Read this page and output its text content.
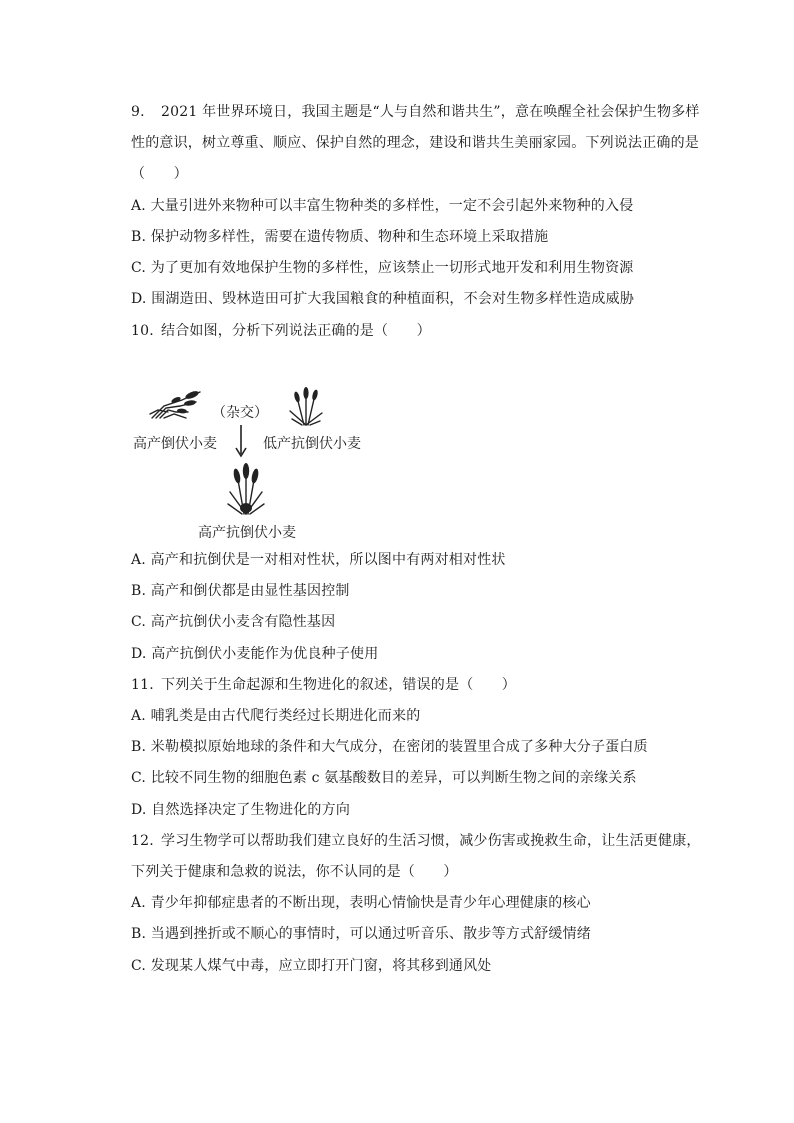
9. 2021 年世界环境日，我国主题是“人与自然和谐共生”，意在唤醒全社会保护生物多样
性的意识，树立尊重、顺应、保护自然的理念，建设和谐共生美丽家园。下列说法正确的是
（　　）
A. 大量引进外来物种可以丰富生物种类的多样性，一定不会引起外来物种的入侵
B. 保护动物多样性，需要在遗传物质、物种和生态环境上采取措施
C. 为了更加有效地保护生物的多样性，应该禁止一切形式地开发和利用生物资源
D. 围湖造田、毁林造田可扩大我国粮食的种植面积，不会对生物多样性造成威胁
10. 结合如图，分析下列说法正确的是（　　）
（杂交）
高产倒伏小麦	低产抗倒伏小麦
高产抗倒伏小麦
A. 高产和抗倒伏是一对相对性状，所以图中有两对相对性状
B. 高产和倒伏都是由显性基因控制
C. 高产抗倒伏小麦含有隐性基因
D. 高产抗倒伏小麦能作为优良种子使用
11. 下列关于生命起源和生物进化的叙述，错误的是（　　）
A. 哺乳类是由古代爬行类经过长期进化而来的
B. 米勒模拟原始地球的条件和大气成分，在密闭的装置里合成了多种大分子蛋白质
C. 比较不同生物的细胞色素 c 氨基酸数目的差异，可以判断生物之间的亲缘关系
D. 自然选择决定了生物进化的方向
12. 学习生物学可以帮助我们建立良好的生活习惯，减少伤害或挽救生命，让生活更健康，
下列关于健康和急救的说法，你不认同的是（　　）
A. 青少年抑郁症患者的不断出现，表明心情愉快是青少年心理健康的核心
B. 当遇到挫折或不顺心的事情时，可以通过听音乐、散步等方式舒缓情绪
C. 发现某人煤气中毒，应立即打开门窗，将其移到通风处
